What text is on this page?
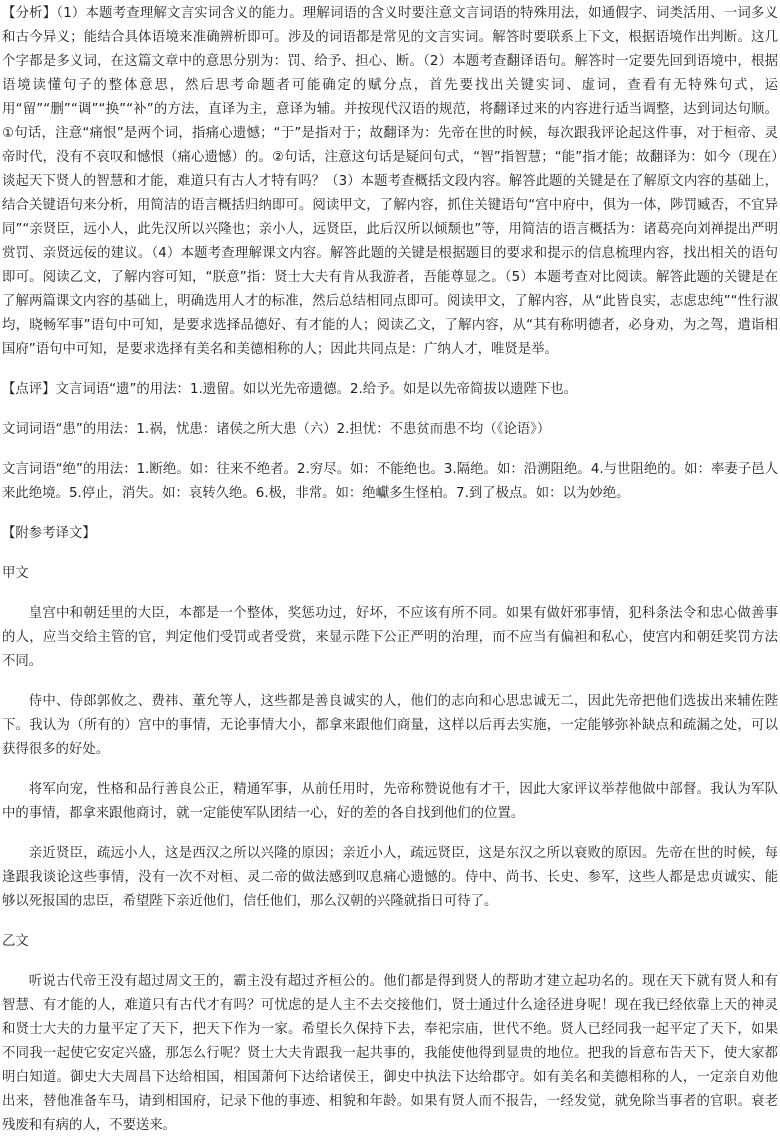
【分析】（1）本题考查理解文言实词含义的能力。理解词语的含义时要注意文言词语的特殊用法，如通假字、词类活用、一词多义和古今异义；能结合具体语境来准确辨析即可。涉及的词语都是常见的文言实词。解答时要联系上下文，根据语境作出判断。这几个字都是多义词，在这篇文章中的意思分别为：罚、给予、担心、断。（2）本题考查翻译语句。解答时一定要先回到语境中，根据语境读懂句子的整体意思，然后思考命题者可能确定的赋分点，首先要找出关键实词、虚词，查看有无特殊句式，运用“留”“删”“调”“换”“补”的方法，直译为主，意译为辅。并按现代汉语的规范，将翻译过来的内容进行适当调整，达到词达句顺。①句话，注意“痛恨”是两个词，指痛心遗憾；“于”是指对于；故翻译为：先帝在世的时候，每次跟我评论起这件事，对于桓帝、灵帝时代，没有不哀叹和憾恨（痛心遗憾）的。②句话，注意这句话是疑问句式，“智”指智慧；“能”指才能；故翻译为：如今（现在）谈起天下贤人的智慧和才能，难道只有古人才特有吗？（3）本题考查概括文段内容。解答此题的关键是在了解原文内容的基础上，结合关键语句来分析，用简洁的语言概括归纳即可。阅读甲文，了解内容，抓住关键语句“宫中府中，俱为一体，陟罚臧否，不宜异同”“亲贤臣，远小人，此先汉所以兴隆也；亲小人，远贤臣，此后汉所以倾颓也”等，用简洁的语言概括为：诸葛亮向刘禅提出严明赏罚、亲贤远佞的建议。（4）本题考查理解课文内容。解答此题的关键是根据题目的要求和提示的信息梳理内容，找出相关的语句即可。阅读乙文，了解内容可知，“朕意”指：贤士大夫有肯从我游者，吾能尊显之。（5）本题考查对比阅读。解答此题的关键是在了解两篇课文内容的基础上，明确选用人才的标准，然后总结相同点即可。阅读甲文，了解内容，从“此皆良实，志虑忠纯”“性行淑均，晓畅军事”语句中可知，是要求选择品德好、有才能的人；阅读乙文，了解内容，从“其有称明德者，必身劝，为之驾，遣诣相国府”语句中可知，是要求选择有美名和美德相称的人；因此共同点是：广纳人才，唯贤是举。

【点评】文言词语“遗”的用法：1.遗留。如以光先帝遗德。2.给予。如是以先帝简拔以遗陛下也。

文词词语“患”的用法：1.祸，忧患：诸侯之所大患（六）2.担忧：不患贫而患不均（《论语》）

文言词语“绝”的用法：1.断绝。如：往来不绝者。2.穷尽。如：不能绝也。3.隔绝。如：沿溯阻绝。4.与世阻绝的。如：率妻子邑人来此绝境。5.停止，消失。如：哀转久绝。6.极，非常。如：绝巘多生怪柏。7.到了极点。如：以为妙绝。

【附参考译文】

甲文

皇宫中和朝廷里的大臣，本都是一个整体，奖惩功过，好坏，不应该有所不同。如果有做奸邪事情，犯科条法令和忠心做善事的人，应当交给主管的官，判定他们受罚或者受赏，来显示陛下公正严明的治理，而不应当有偏袒和私心，使宫内和朝廷奖罚方法不同。

侍中、侍郎郭攸之、费祎、董允等人，这些都是善良诚实的人，他们的志向和心思忠诚无二，因此先帝把他们选拔出来辅佐陛下。我认为（所有的）宫中的事情，无论事情大小，都拿来跟他们商量，这样以后再去实施，一定能够弥补缺点和疏漏之处，可以获得很多的好处。

将军向宠，性格和品行善良公正，精通军事，从前任用时，先帝称赞说他有才干，因此大家评议举荐他做中部督。我认为军队中的事情，都拿来跟他商讨，就一定能使军队团结一心，好的差的各自找到他们的位置。

亲近贤臣，疏远小人，这是西汉之所以兴隆的原因；亲近小人，疏远贤臣，这是东汉之所以衰败的原因。先帝在世的时候，每逢跟我谈论这些事情，没有一次不对桓、灵二帝的做法感到叹息痛心遗憾的。侍中、尚书、长史、参军，这些人都是忠贞诚实、能够以死报国的忠臣，希望陛下亲近他们，信任他们，那么汉朝的兴隆就指日可待了。

乙文

听说古代帝王没有超过周文王的，霸主没有超过齐桓公的。他们都是得到贤人的帮助才建立起功名的。现在天下就有贤人和有智慧、有才能的人，难道只有古代才有吗？可忧虑的是人主不去交接他们，贤士通过什么途径进身呢！现在我已经依靠上天的神灵和贤士大夫的力量平定了天下，把天下作为一家。希望长久保持下去，奉祀宗庙，世代不绝。贤人已经同我一起平定了天下，如果不同我一起使它安定兴盛，那怎么行呢？贤士大夫肯跟我一起共事的，我能使他得到显贵的地位。把我的旨意布告天下，使大家都明白知道。御史大夫周昌下达给相国，相国萧何下达给诸侯王，御史中执法下达给郡守。如有美名和美德相称的人，一定亲自劝他出来，替他准备车马，请到相国府，记录下他的事迹、相貌和年龄。如果有贤人而不报告，一经发觉，就免除当事者的官职。衰老残废和有病的人，不要送来。
